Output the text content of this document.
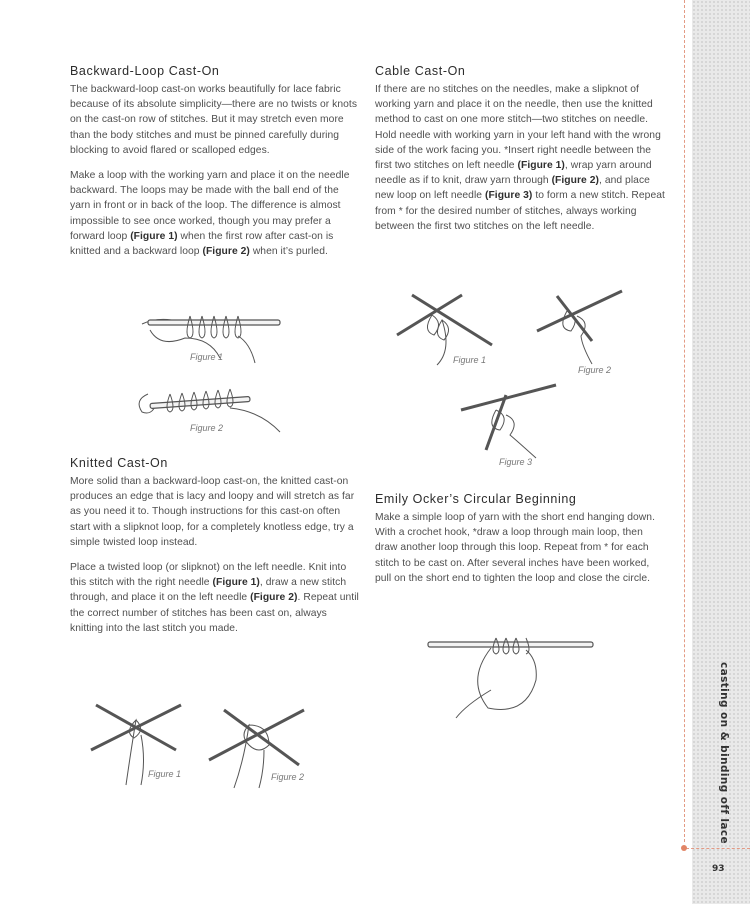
Backward-Loop Cast-On

The backward-loop cast-on works beautifully for lace fabric because of its absolute simplicity—there are no twists or knots on the cast-on row of stitches. But it may stretch even more than the body stitches and must be pinned carefully during blocking to avoid flared or scalloped edges.

Make a loop with the working yarn and place it on the needle backward. The loops may be made with the ball end of the yarn in front or in back of the loop. The difference is almost impossible to see once worked, though you may prefer a forward loop (Figure 1) when the first row after cast-on is knitted and a backward loop (Figure 2) when it’s purled.

Knitted Cast-On

More solid than a backward-loop cast-on, the knitted cast-on produces an edge that is lacy and loopy and will stretch as far as you need it to. Though instructions for this cast-on often start with a slipknot loop, for a completely knotless edge, try a simple twisted loop instead.

Place a twisted loop (or slipknot) on the left needle. Knit into this stitch with the right needle (Figure 1), draw a new stitch through, and place it on the left needle (Figure 2). Repeat until the correct number of stitches has been cast on, always knitting into the last stitch you made.

Figure 1
Figure 2
Figure 1	Figure 2
Cable Cast-On

If there are no stitches on the needles, make a slipknot of working yarn and place it on the needle, then use the knitted method to cast on one more stitch—two stitches on needle. Hold needle with working yarn in your left hand with the wrong side of the work facing you. *Insert right needle between the first two stitches on left needle (Figure 1), wrap yarn around needle as if to knit, draw yarn through (Figure 2), and place new loop on left needle (Figure 3) to form a new stitch. Repeat from * for the desired number of stitches, always working between the first two stitches on the left needle.

Figure 1
Figure 2
Figure 3
Emily Ocker’s Circular Beginning

Make a simple loop of yarn with the short end hanging down. With a crochet hook, *draw a loop through main loop, then draw another loop through this loop. Repeat from * for each stitch to be cast on. After several inches have been worked, pull on the short end to tighten the loop and close the circle.

casting on & binding off lace
93
